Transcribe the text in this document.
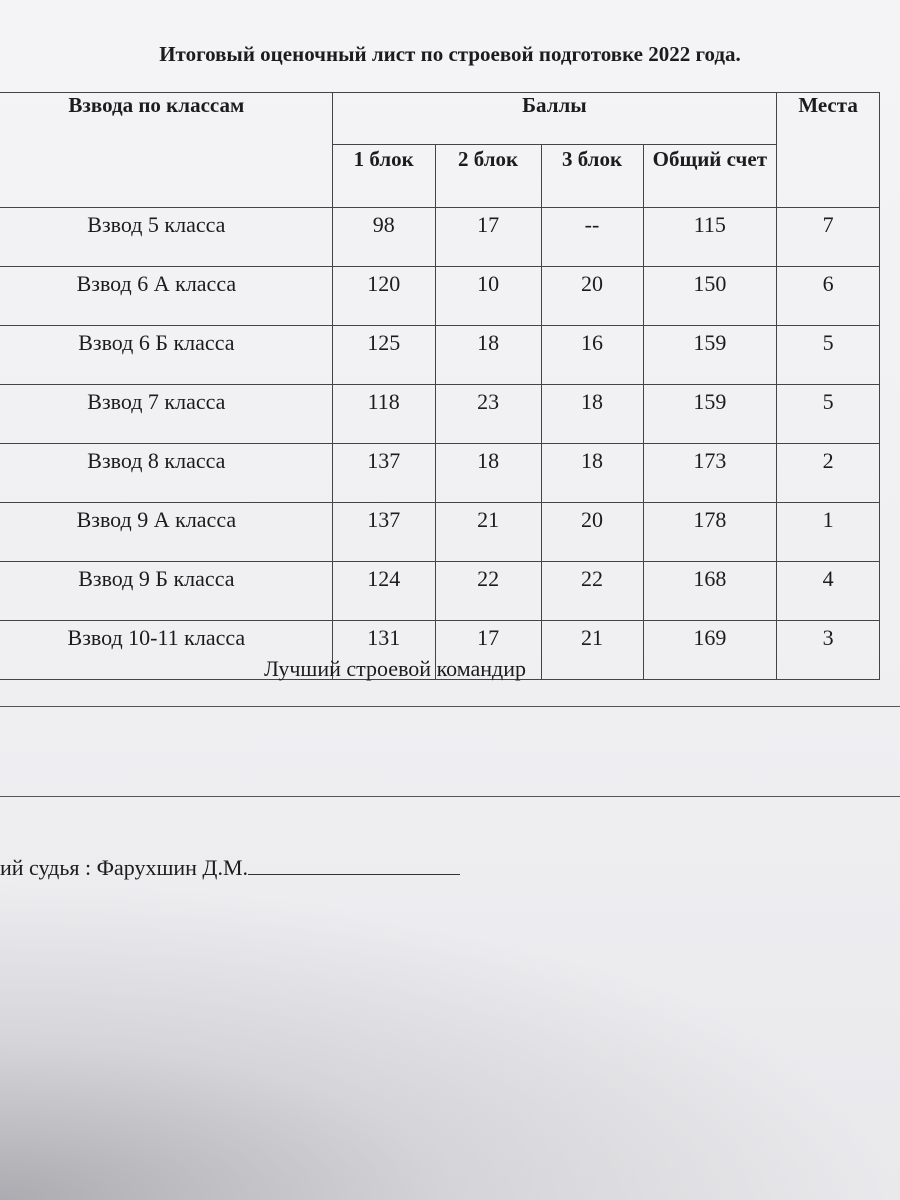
Итоговый оценочный лист по строевой подготовке 2022 года.
Взвода по классам	Баллы				Места
	1 блок	2 блок	3 блок	Общий счет	
Взвод 5 класса	98	17	--	115	7
Взвод 6 А класса	120	10	20	150	6
Взвод 6 Б класса	125	18	16	159	5
Взвод 7 класса	118	23	18	159	5
Взвод 8 класса	137	18	18	173	2
Взвод 9 А класса	137	21	20	178	1
Взвод 9 Б класса	124	22	22	168	4
Взвод 10-11 класса	131	17	21	169	3
Лучший строевой командир
ий судья : Фарухшин Д.М.
